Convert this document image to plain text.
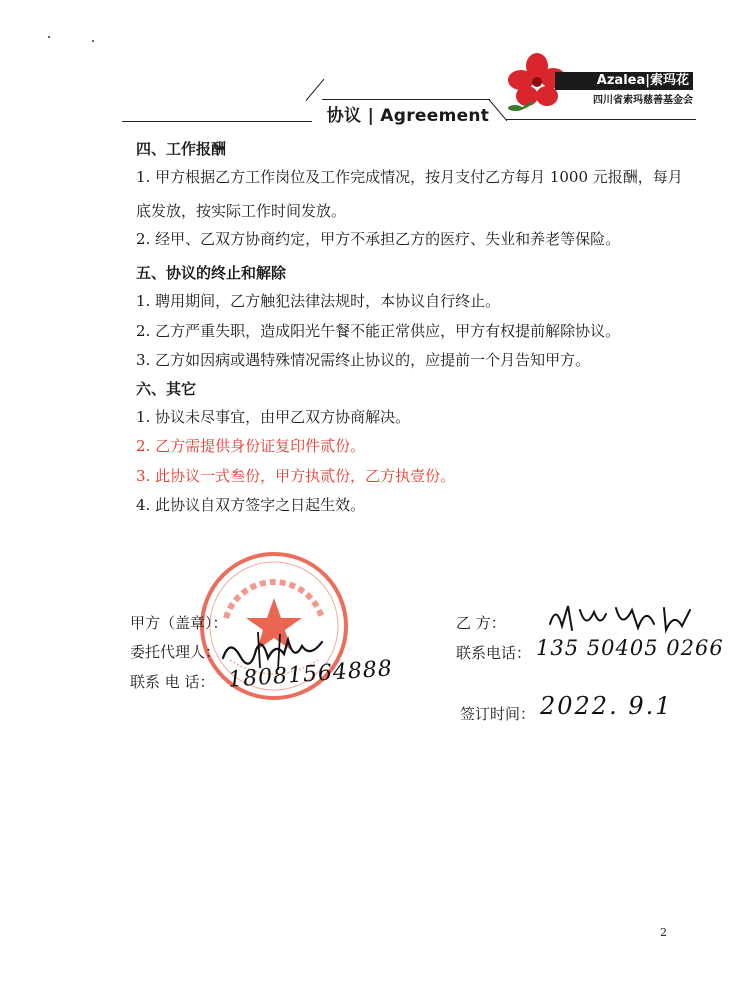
协议 | Agreement
Azalea|索玛花
四川省索玛慈善基金会
四、工作报酬
1. 甲方根据乙方工作岗位及工作完成情况，按月支付乙方每月 1000 元报酬，每月底发放，按实际工作时间发放。
2. 经甲、乙双方协商约定，甲方不承担乙方的医疗、失业和养老等保险。
五、协议的终止和解除
1. 聘用期间，乙方触犯法律法规时，本协议自行终止。
2. 乙方严重失职，造成阳光午餐不能正常供应，甲方有权提前解除协议。
3. 乙方如因病或遇特殊情况需终止协议的，应提前一个月告知甲方。
六、其它
1. 协议未尽事宜，由甲乙双方协商解决。
2. 乙方需提供身份证复印件贰份。
3. 此协议一式叁份，甲方执贰份，乙方执壹份。
4. 此协议自双方签字之日起生效。
甲方（盖章）：
委托代理人：
联系 电 话： 18081564888
乙 方：
联系电话： 135 50405 0266
签订时间： 2022. 9.1
2
